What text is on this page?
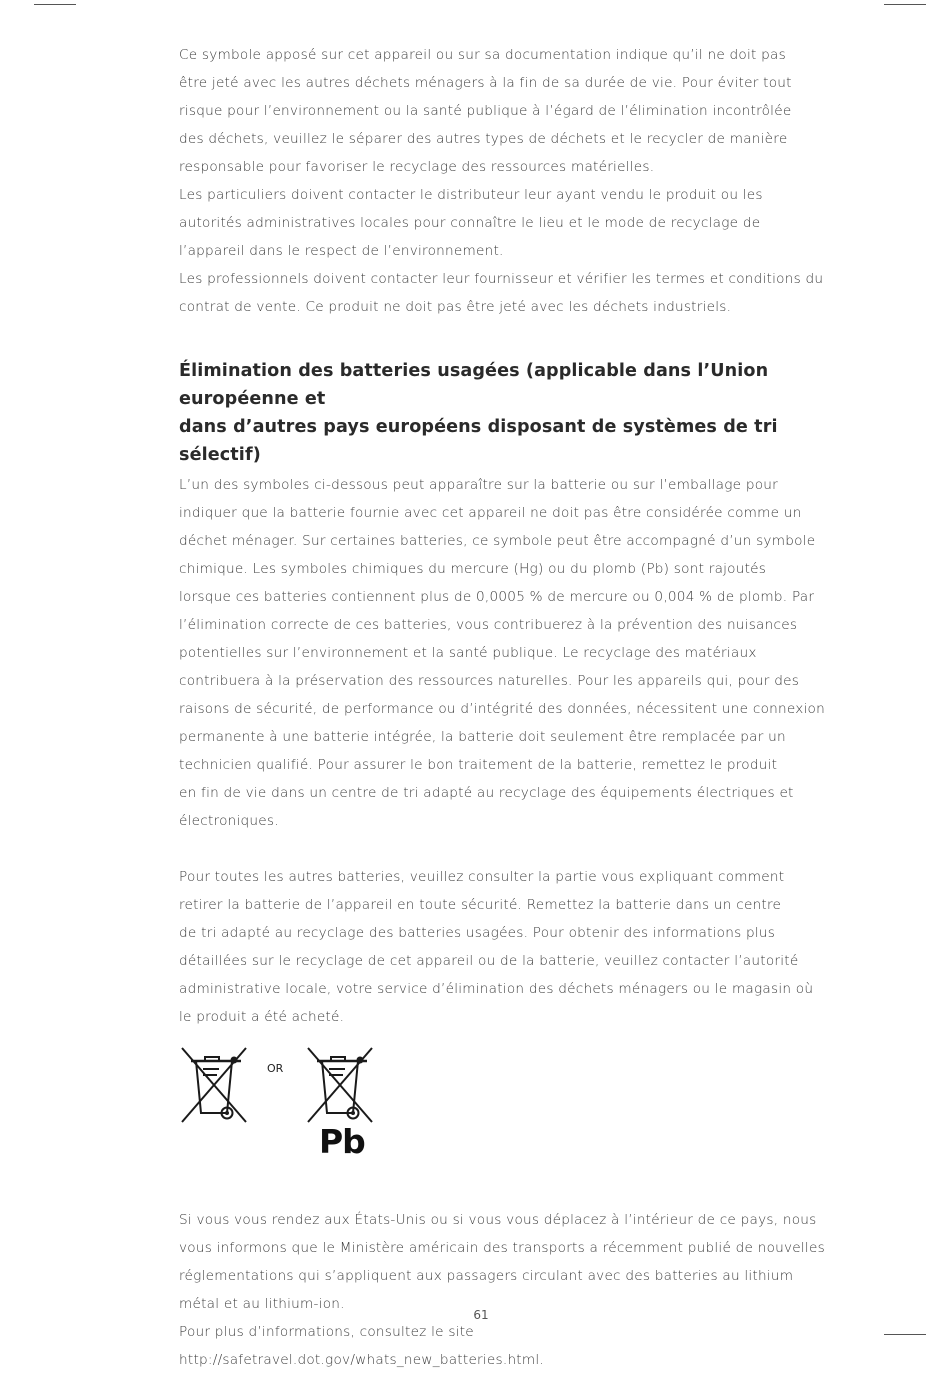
Ce symbole apposé sur cet appareil ou sur sa documentation indique qu’il ne doit pas

être jeté avec les autres déchets ménagers à la fin de sa durée de vie. Pour éviter tout

risque pour l’environnement ou la santé publique à l’égard de l’élimination incontrôlée

des déchets, veuillez le séparer des autres types de déchets et le recycler de manière

responsable pour favoriser le recyclage des ressources matérielles.

Les particuliers doivent contacter le distributeur leur ayant vendu le produit ou les

autorités administratives locales pour connaître le lieu et le mode de recyclage de

l’appareil dans le respect de l’environnement.

Les professionnels doivent contacter leur fournisseur et vérifier les termes et conditions du

contrat de vente. Ce produit ne doit pas être jeté avec les déchets industriels.

Élimination des batteries usagées (applicable dans l’Union européenne et
dans d’autres pays européens disposant de systèmes de tri sélectif)

L’un des symboles ci-dessous peut apparaître sur la batterie ou sur l’emballage pour

indiquer que la batterie fournie avec cet appareil ne doit pas être considérée comme un

déchet ménager. Sur certaines batteries, ce symbole peut être accompagné d’un symbole

chimique. Les symboles chimiques du mercure (Hg) ou du plomb (Pb) sont rajoutés

lorsque ces batteries contiennent plus de 0,0005 % de mercure ou 0,004 % de plomb. Par

l’élimination correcte de ces batteries, vous contribuerez à la prévention des nuisances

potentielles sur l’environnement et la santé publique. Le recyclage des matériaux

contribuera à la préservation des ressources naturelles. Pour les appareils qui, pour des

raisons de sécurité, de performance ou d’intégrité des données, nécessitent une connexion

permanente à une batterie intégrée, la batterie doit seulement être remplacée par un

technicien qualifié. Pour assurer le bon traitement de la batterie, remettez le produit

en fin de vie dans un centre de tri adapté au recyclage des équipements électriques et

électroniques.

Pour toutes les autres batteries, veuillez consulter la partie vous expliquant comment

retirer la batterie de l’appareil en toute sécurité. Remettez la batterie dans un centre

de tri adapté au recyclage des batteries usagées. Pour obtenir des informations plus

détaillées sur le recyclage de cet appareil ou de la batterie, veuillez contacter l’autorité

administrative locale, votre service d’élimination des déchets ménagers ou le magasin où

le produit a été acheté.

OR
Pb

Si vous vous rendez aux États-Unis ou si vous vous déplacez à l’intérieur de ce pays, nous

vous informons que le Ministère américain des transports a récemment publié de nouvelles

réglementations qui s’appliquent aux passagers circulant avec des batteries au lithium

métal et au lithium-ion.

Pour plus d’informations, consultez le site

http://safetravel.dot.gov/whats_new_batteries.html.

61
